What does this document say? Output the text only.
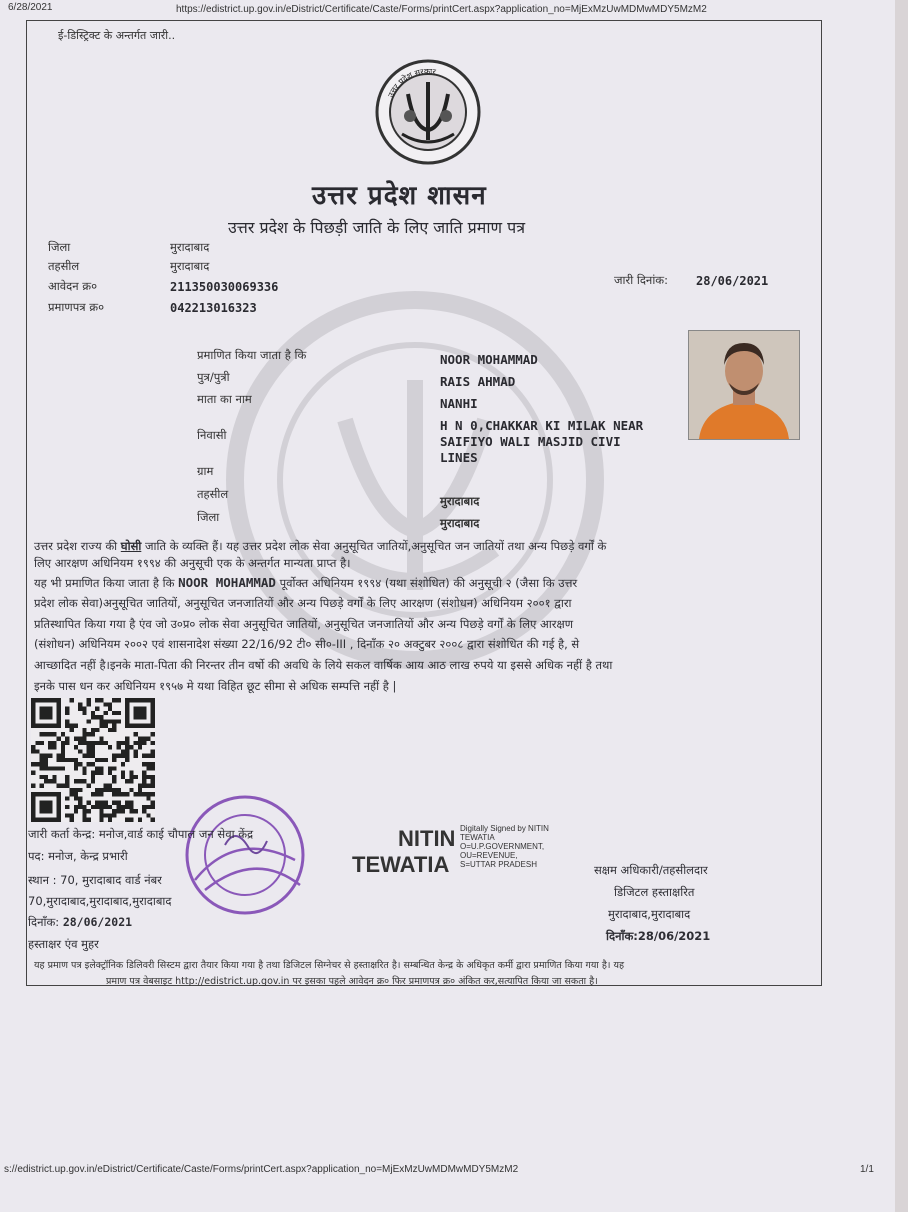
6/28/2021	https://edistrict.up.gov.in/eDistrict/Certificate/Caste/Forms/printCert.aspx?application_no=MjExMzUwMDMwMDY5MzM2
ई-डिस्ट्रिक्ट के अन्तर्गत जारी..
उत्तर प्रदेश सरकार
उत्तर प्रदेश शासन
उत्तर प्रदेश के पिछड़ी जाति के लिए जाति प्रमाण पत्र
जिला	मुरादाबाद
तहसील	मुरादाबाद
आवेदन क्र०	211350030069336
प्रमाणपत्र क्र०	042213016323
जारी दिनांक: 28/06/2021
प्रमाणित किया जाता है कि	NOOR MOHAMMAD
पुत्र/पुत्री	RAIS AHMAD
माता का नाम	NANHI
निवासी
H N 0,CHAKKAR KI MILAK NEAR
SAIFIYO WALI MASJID CIVI
LINES
ग्राम
तहसील	मुरादाबाद
जिला	मुरादाबाद
उत्तर प्रदेश राज्य की घोसी जाति के व्यक्ति हैं। यह उत्तर प्रदेश लोक सेवा अनुसूचित जातियों,अनुसूचित जन जातियों तथा अन्य पिछड़े वर्गों के
लिए आरक्षण अधिनियम १९९४ की अनुसूची एक के अन्तर्गत मान्यता प्राप्त है।
यह भी प्रमाणित किया जाता है कि NOOR MOHAMMAD पूर्वोक्त अधिनियम १९९४ (यथा संशोधित) की अनुसूची २ (जैसा कि उत्तर
प्रदेश लोक सेवा)अनुसूचित जातियों, अनुसूचित जनजातियों और अन्य पिछड़े वर्गों के लिए आरक्षण (संशोधन) अधिनियम २००१ द्वारा
प्रतिस्थापित किया गया है एंव जो उ०प्र० लोक सेवा अनुसूचित जातियों, अनुसूचित जनजातियों और अन्य पिछड़े वर्गों के लिए आरक्षण
(संशोधन) अधिनियम २००२ एवं शासनादेश संख्या 22/16/92 टी० सी०-III , दिनाँक २० अक्टुबर २००८ द्वारा संशोधित की गई है, से
आच्छादित नहीं है।इनके माता-पिता की निरन्तर तीन वर्षो की अवधि के लिये सकल वार्षिक आय आठ लाख रुपये या इससे अधिक नहीं है तथा
इनके पास धन कर अधिनियम १९५७ मे यथा विहित छूट सीमा से अधिक सम्पत्ति नहीं है |
जारी कर्ता केन्द्र: मनोज,वार्ड काई चौपाल जन सेवा केंद्र
पद: मनोज, केन्द्र प्रभारी
स्थान : 70, मुरादाबाद वार्ड नंबर
70,मुरादाबाद,मुरादाबाद,मुरादाबाद
दिनाँक: 28/06/2021
हस्ताक्षर एंव मुहर
NITIN
TEWATIA
Digitally Signed by NITIN
TEWATIA
O=U.P.GOVERNMENT,
OU=REVENUE,
S=UTTAR PRADESH	सक्षम अधिकारी/तहसीलदार
डिजिटल हस्ताक्षरित
मुरादाबाद,मुरादाबाद
दिनाँक:28/06/2021
यह प्रमाण पत्र इलेक्ट्रॉनिक डिलिवरी सिस्टम द्वारा तैयार किया गया है तथा डिजिटल सिग्नेचर से हस्ताक्षरित है। सम्बन्धित केन्द्र के अधिकृत कर्मी द्वारा प्रमाणित किया गया है। यह
प्रमाण पत्र वेबसाइट http://edistrict.up.gov.in पर इसका पहले आवेदन क्र० फिर प्रमाणपत्र क्र० अंकित कर,सत्यापित किया जा सकता है।
s://edistrict.up.gov.in/eDistrict/Certificate/Caste/Forms/printCert.aspx?application_no=MjExMzUwMDMwMDY5MzM2	1/1
